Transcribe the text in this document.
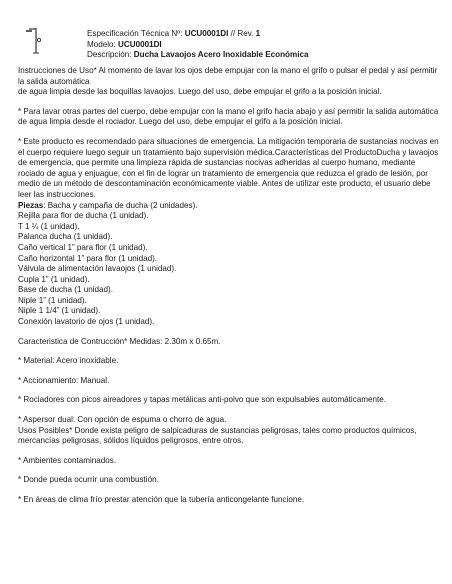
Especificación Técnica Nº: UCU0001DI // Rev. 1
Modelo: UCU0001DI
Descripción: Ducha Lavaojos Acero Inoxidable Económica

Instrucciones de Uso* Al momento de lavar los ojos debe empujar con la mano el grifo o pulsar el pedal y así permitir

la salida automática

de agua limpia desde las boquillas lavaojos. Luego del uso, debe empujar el grifo a la posición inicial.

* Para lavar otras partes del cuerpo, debe empujar con la mano el grifo hacia abajo y así permitir la salida automática

de agua limpia desde el rociador. Luego del uso, debe empujar el grifo a la posición inicial.

* Este producto es recomendado para situaciones de emergencia. La mitigación temporaria de sustancias nocivas en

el cuerpo requiere luego seguir un tratamiento bajo supervisión médica.Características del ProductoDucha y lavaojos

de emergencia, que permite una limpieza rápida de sustancias nocivas adheridas al cuerpo humano, mediante

rociado de agua y enjuague, con el fin de lograr un tratamiento de emergencia que reduzca el grado de lesión, por

medio de un método de descontaminación económicamente viable. Antes de utilizar este producto, el usuario debe

leer las instrucciones.

Piezas: Bacha y campaña de ducha (2 unidades).

Rejilla para flor de ducha (1 unidad).

T 1 ¼ (1 unidad).

Palanca ducha (1 unidad).

Caño vertical 1” para flor (1 unidad).

Caño horizontal 1” para flor (1 unidad).

Válvula de alimentación lavaojos (1 unidad).

Cupla 1” (1 unidad).

Base de ducha (1 unidad).

Niple 1” (1 unidad).

Niple 1 1/4” (1 unidad).

Conexión lavatorio de ojos (1 unidad).

Caracteristica de Contrucción* Medidas: 2.30m x 0.65m.

* Material: Acero inoxidable.

* Accionamiento: Manual.

* Rociadores con picos aireadores y tapas metálicas anti-polvo que son expulsables automáticamente.

* Aspersor dual: Con opción de espuma o chorro de agua.

Usos Posibles* Donde exista peligro de salpicaduras de sustancias peligrosas, tales como productos químicos,

mercancías peligrosas, sólidos líquidos peligrosos, entre otros.

* Ambientes contaminados.

* Donde pueda ocurrir una combustión.

* En áreas de clima frío prestar atención que la tubería anticongelante funcione.
